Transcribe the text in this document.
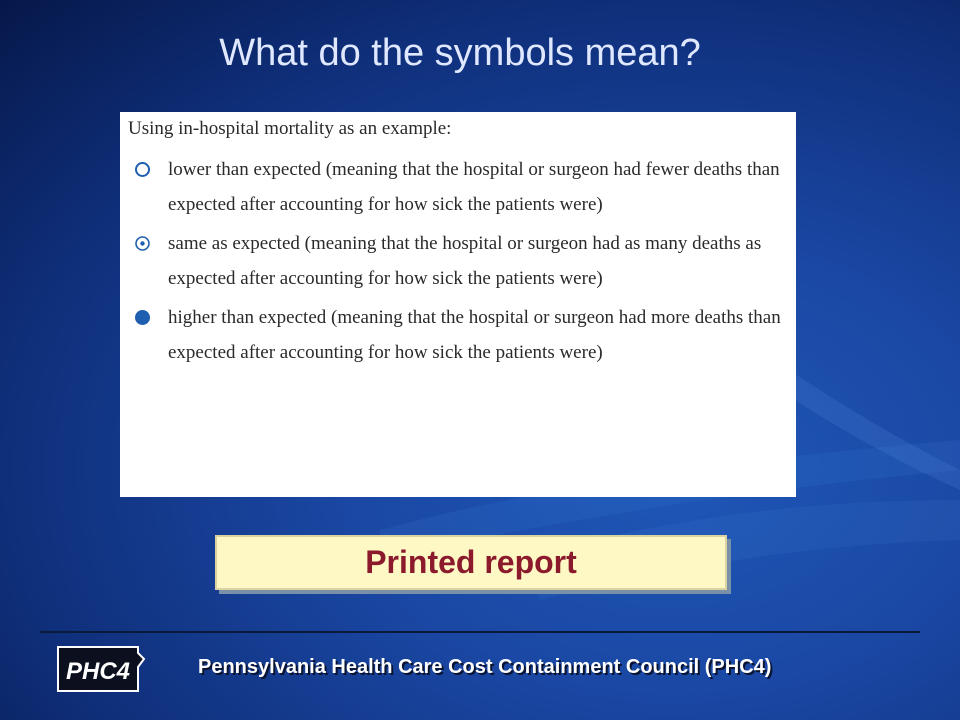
What do the symbols mean?

Using in-hospital mortality as an example:

lower than expected (meaning that the hospital or surgeon had fewer deaths than expected after accounting for how sick the patients were)
same as expected (meaning that the hospital or surgeon had as many deaths as expected after accounting for how sick the patients were)
higher than expected (meaning that the hospital or surgeon had more deaths than expected after accounting for how sick the patients were)
Printed report
PHC4	Pennsylvania Health Care Cost Containment Council (PHC4)
